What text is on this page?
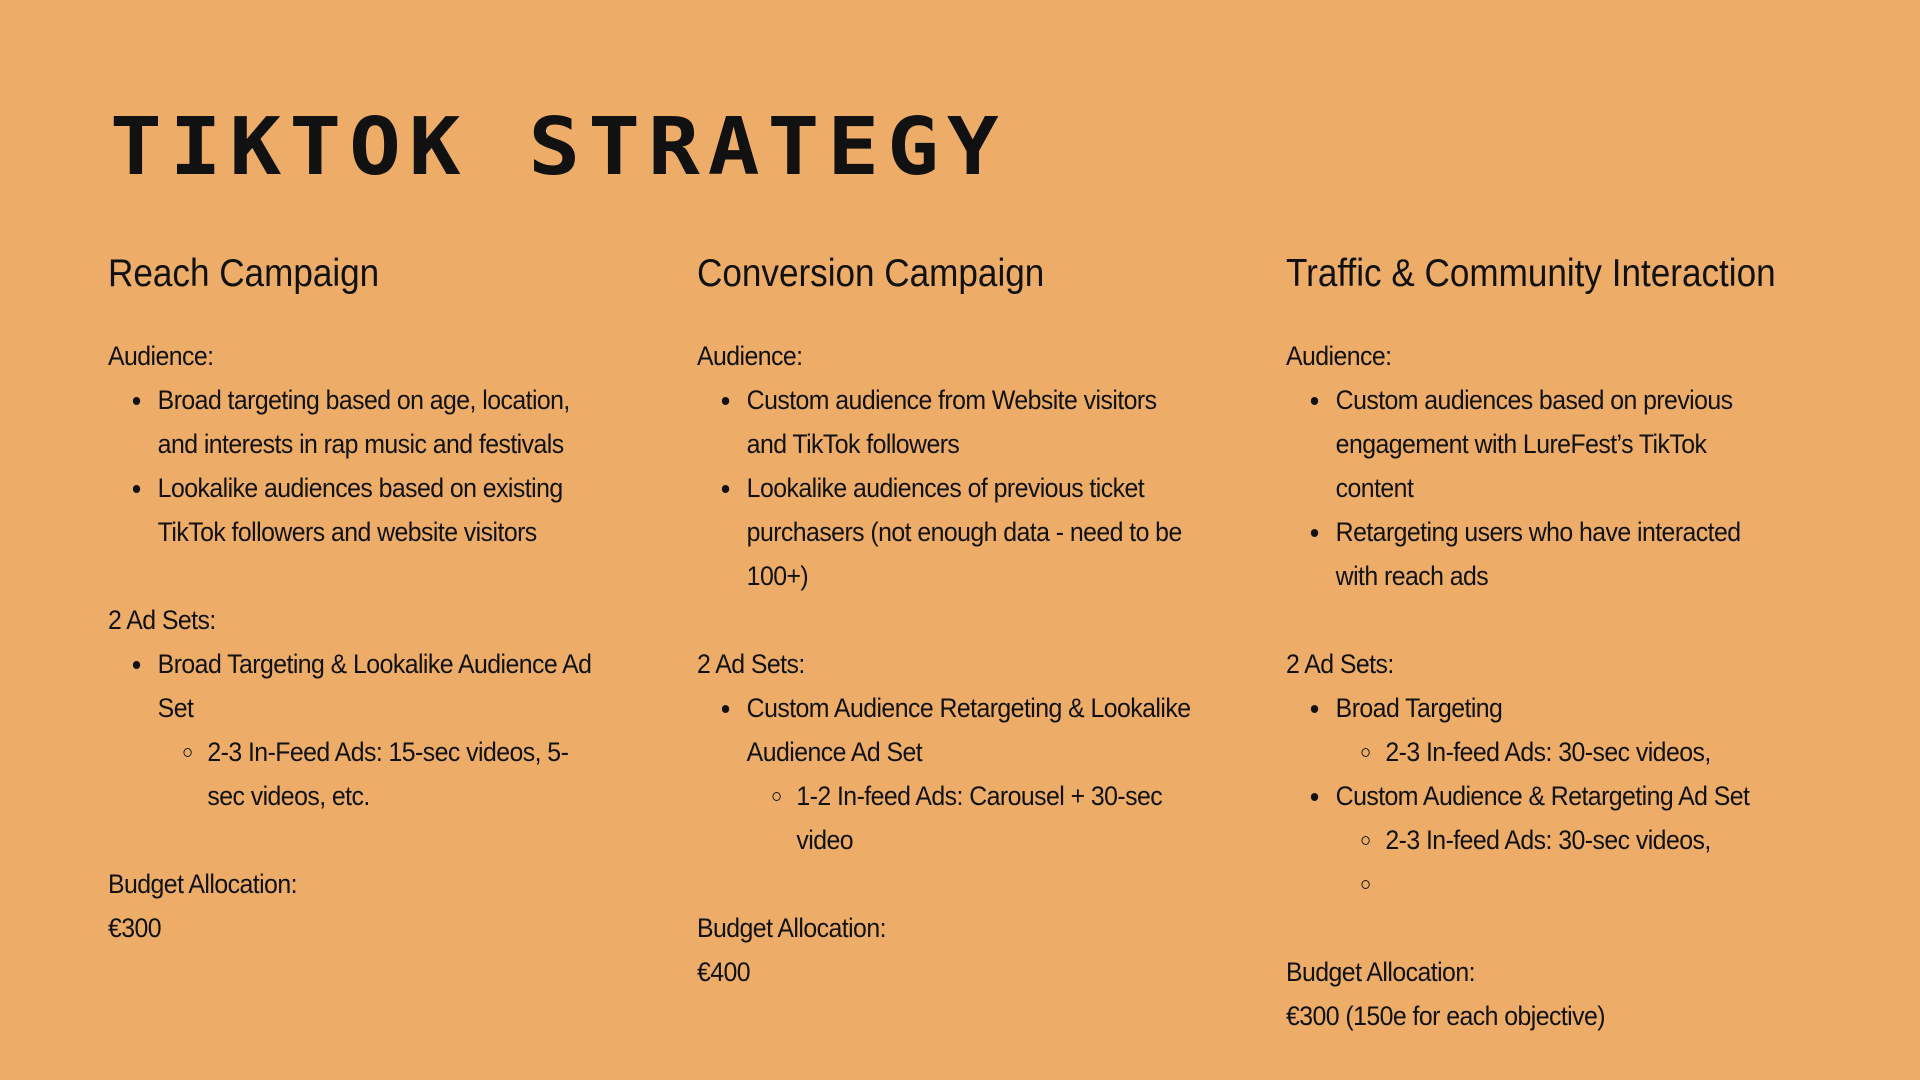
TIKTOK STRATEGY
Reach Campaign

Audience:

Broad targeting based on age, location, and interests in rap music and festivals
Lookalike audiences based on existing TikTok followers and website visitors

2 Ad Sets:

Broad Targeting & Lookalike Audience Ad Set
2-3 In-Feed Ads: 15-sec videos, 5-sec videos, etc.

Budget Allocation:

€300

Conversion Campaign

Audience:

Custom audience from Website visitors and TikTok followers
Lookalike audiences of previous ticket purchasers (not enough data - need to be 100+)

2 Ad Sets:

Custom Audience Retargeting & Lookalike Audience Ad Set
1-2 In-feed Ads: Carousel + 30-sec video

Budget Allocation:

€400

Traffic & Community Interaction

Audience:

Custom audiences based on previous engagement with LureFest’s TikTok content
Retargeting users who have interacted with reach ads

2 Ad Sets:

Broad Targeting
2-3 In-feed Ads: 30-sec videos,
Custom Audience & Retargeting Ad Set
2-3 In-feed Ads: 30-sec videos,

Budget Allocation:

€300 (150e for each objective)
